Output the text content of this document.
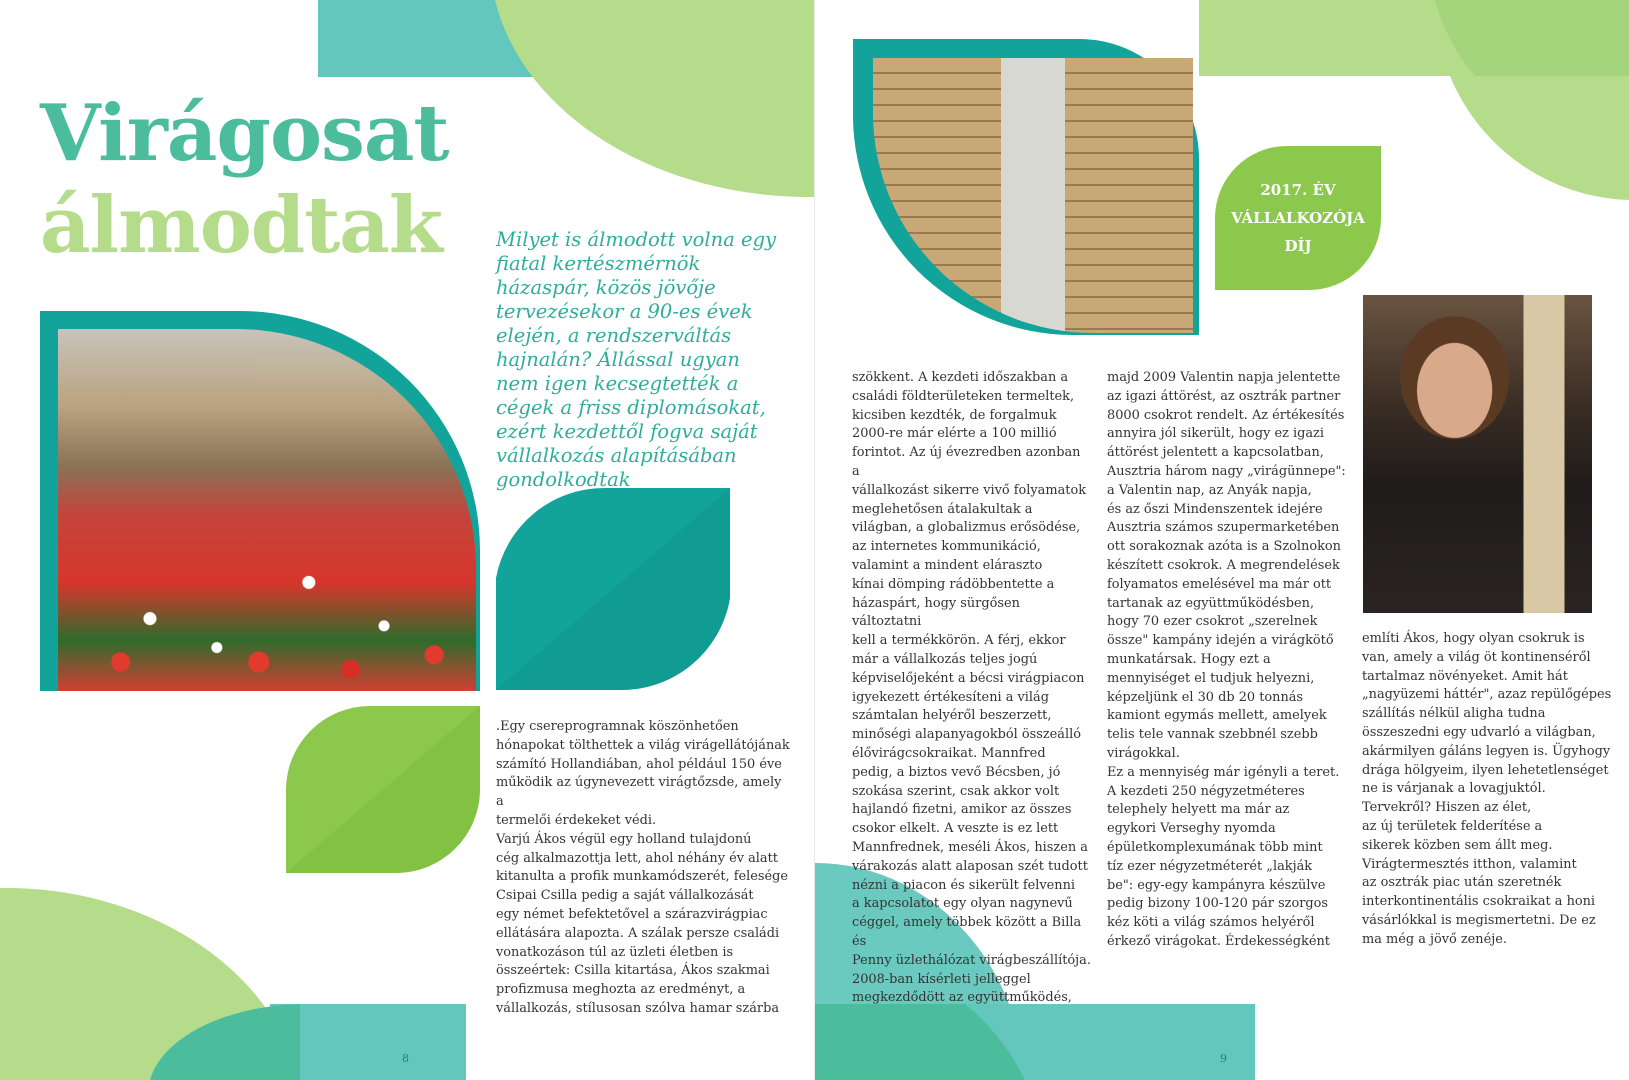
Virágosat
álmodtak	Milyet is álmodott volna egy fiatal kertészmérnök házaspár, közös jövője tervezésekor a 90-es évek elején, a rendszerváltás hajnalán? Állással ugyan nem igen kecsegtették a cégek a friss diplomásokat, ezért kezdettől fogva saját vállalkozás alapításában gondolkodtak

.Egy csereprogramnak köszönhetően
hónapokat tölthettek a világ virágellátójának
számító Hollandiában, ahol például 150 éve
működik az úgynevezett virágtőzsde, amely a
termelői érdekeket védi.
Varjú Ákos végül egy holland tulajdonú
cég alkalmazottja lett, ahol néhány év alatt
kitanulta a profik munkamódszerét, felesége
Csipai Csilla pedig a saját vállalkozását
egy német befektetővel a szárazvirágpiac
ellátására alapozta. A szálak persze családi
vonatkozáson túl az üzleti életben is
összeértek: Csilla kitartása, Ákos szakmai
profizmusa meghozta az eredményt, a
vállalkozás, stílusosan szólva hamar szárba

8
2017. ÉV
VÁLLALKOZÓJA
DÍJ

szökkent. A kezdeti időszakban a
családi földterületeken termeltek,
kicsiben kezdték, de forgalmuk
2000-re már elérte a 100 millió
forintot. Az új évezredben azonban a
vállalkozást sikerre vivő folyamatok
meglehetősen átalakultak a
világban, a globalizmus erősödése,
az internetes kommunikáció,
valamint a mindent eláraszto
kínai dömping rádöbbentette a
házaspárt, hogy sürgősen változtatni
kell a termékkörön. A férj, ekkor
már a vállalkozás teljes jogú
képviselőjeként a bécsi virágpiacon
igyekezett értékesíteni a világ
számtalan helyéről beszerzett,
minőségi alapanyagokból összeálló
élővirágcsokraikat. Mannfred
pedig, a biztos vevő Bécsben, jó
szokása szerint, csak akkor volt
hajlandó fizetni, amikor az összes
csokor elkelt. A veszte is ez lett
Mannfrednek, meséli Ákos, hiszen a
várakozás alatt alaposan szét tudott
nézni a piacon és sikerült felvenni
a kapcsolatot egy olyan nagynevű
céggel, amely többek között a Billa és
Penny üzlethálózat virágbeszállítója.
2008-ban kísérleti jelleggel
megkezdődött az együttműködés,

majd 2009 Valentin napja jelentette
az igazi áttörést, az osztrák partner
8000 csokrot rendelt. Az értékesítés
annyira jól sikerült, hogy ez igazi
áttörést jelentett a kapcsolatban,
Ausztria három nagy „virágünnepe":
a Valentin nap, az Anyák napja,
és az őszi Mindenszentek idejére
Ausztria számos szupermarketében
ott sorakoznak azóta is a Szolnokon
készített csokrok. A megrendelések
folyamatos emelésével ma már ott
tartanak az együttműködésben,
hogy 70 ezer csokrot „szerelnek
össze" kampány idején a virágkötő
munkatársak. Hogy ezt a
mennyiséget el tudjuk helyezni,
képzeljünk el 30 db 20 tonnás
kamiont egymás mellett, amelyek
telis tele vannak szebbnél szebb
virágokkal.
Ez a mennyiség már igényli a teret.
A kezdeti 250 négyzetméteres
telephely helyett ma már az
egykori Verseghy nyomda
épületkomplexumának több mint
tíz ezer négyzetméterét „lakják
be": egy-egy kampányra készülve
pedig bizony 100-120 pár szorgos
kéz köti a világ számos helyéről
érkező virágokat. Érdekességként

említi Ákos, hogy olyan csokruk is
van, amely a világ öt kontinenséről
tartalmaz növényeket. Amit hát
„nagyüzemi háttér", azaz repülőgépes
szállítás nélkül aligha tudna
összeszedni egy udvarló a világban,
akármilyen gáláns legyen is. Ügyhogy
drága hölgyeim, ilyen lehetetlenséget
ne is várjanak a lovagjuktól.
Tervekről? Hiszen az élet,
az új területek felderítése a
sikerek közben sem állt meg.
Virágtermesztés itthon, valamint
az osztrák piac után szeretnék
interkontinentális csokraikat a honi
vásárlókkal is megismertetni. De ez
ma még a jövő zenéje.

9
